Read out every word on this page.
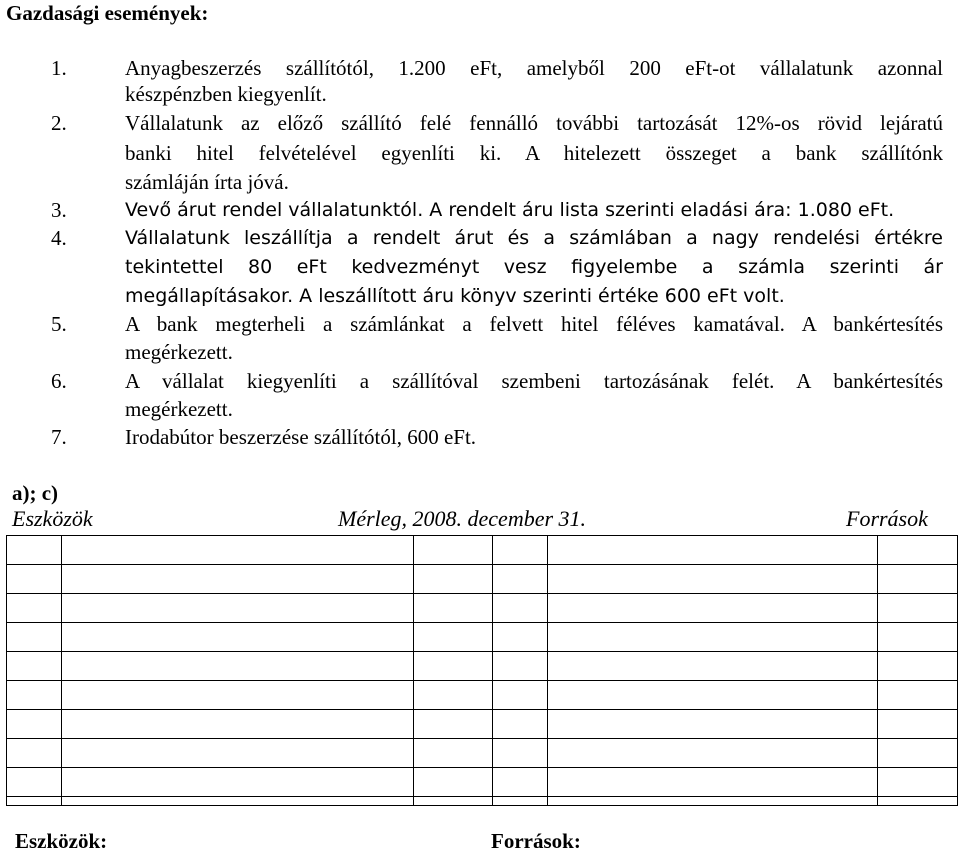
Gazdasági események:
1.	Anyagbeszerzés szállítótól, 1.200 eFt, amelyből 200 eFt-ot vállalatunk azonnal
készpénzben kiegyenlít.
2.	Vállalatunk az előző szállító felé fennálló további tartozását 12%-os rövid lejáratú
banki hitel felvételével egyenlíti ki. A hitelezett összeget a bank szállítónk
számláján írta jóvá.
3.	Vevő árut rendel vállalatunktól. A rendelt áru lista szerinti eladási ára: 1.080 eFt.
4.	Vállalatunk leszállítja a rendelt árut és a számlában a nagy rendelési értékre
tekintettel 80 eFt kedvezményt vesz figyelembe a számla szerinti ár
megállapításakor. A leszállított áru könyv szerinti értéke 600 eFt volt.
5.	A bank megterheli a számlánkat a felvett hitel féléves kamatával. A bankértesítés
megérkezett.
6.	A vállalat kiegyenlíti a szállítóval szembeni tartozásának felét. A bankértesítés
megérkezett.
7.	Irodabútor beszerzése szállítótól, 600 eFt.
a); c)
Eszközök	Mérleg, 2008. december 31.	Források

Eszközök:	Források:
